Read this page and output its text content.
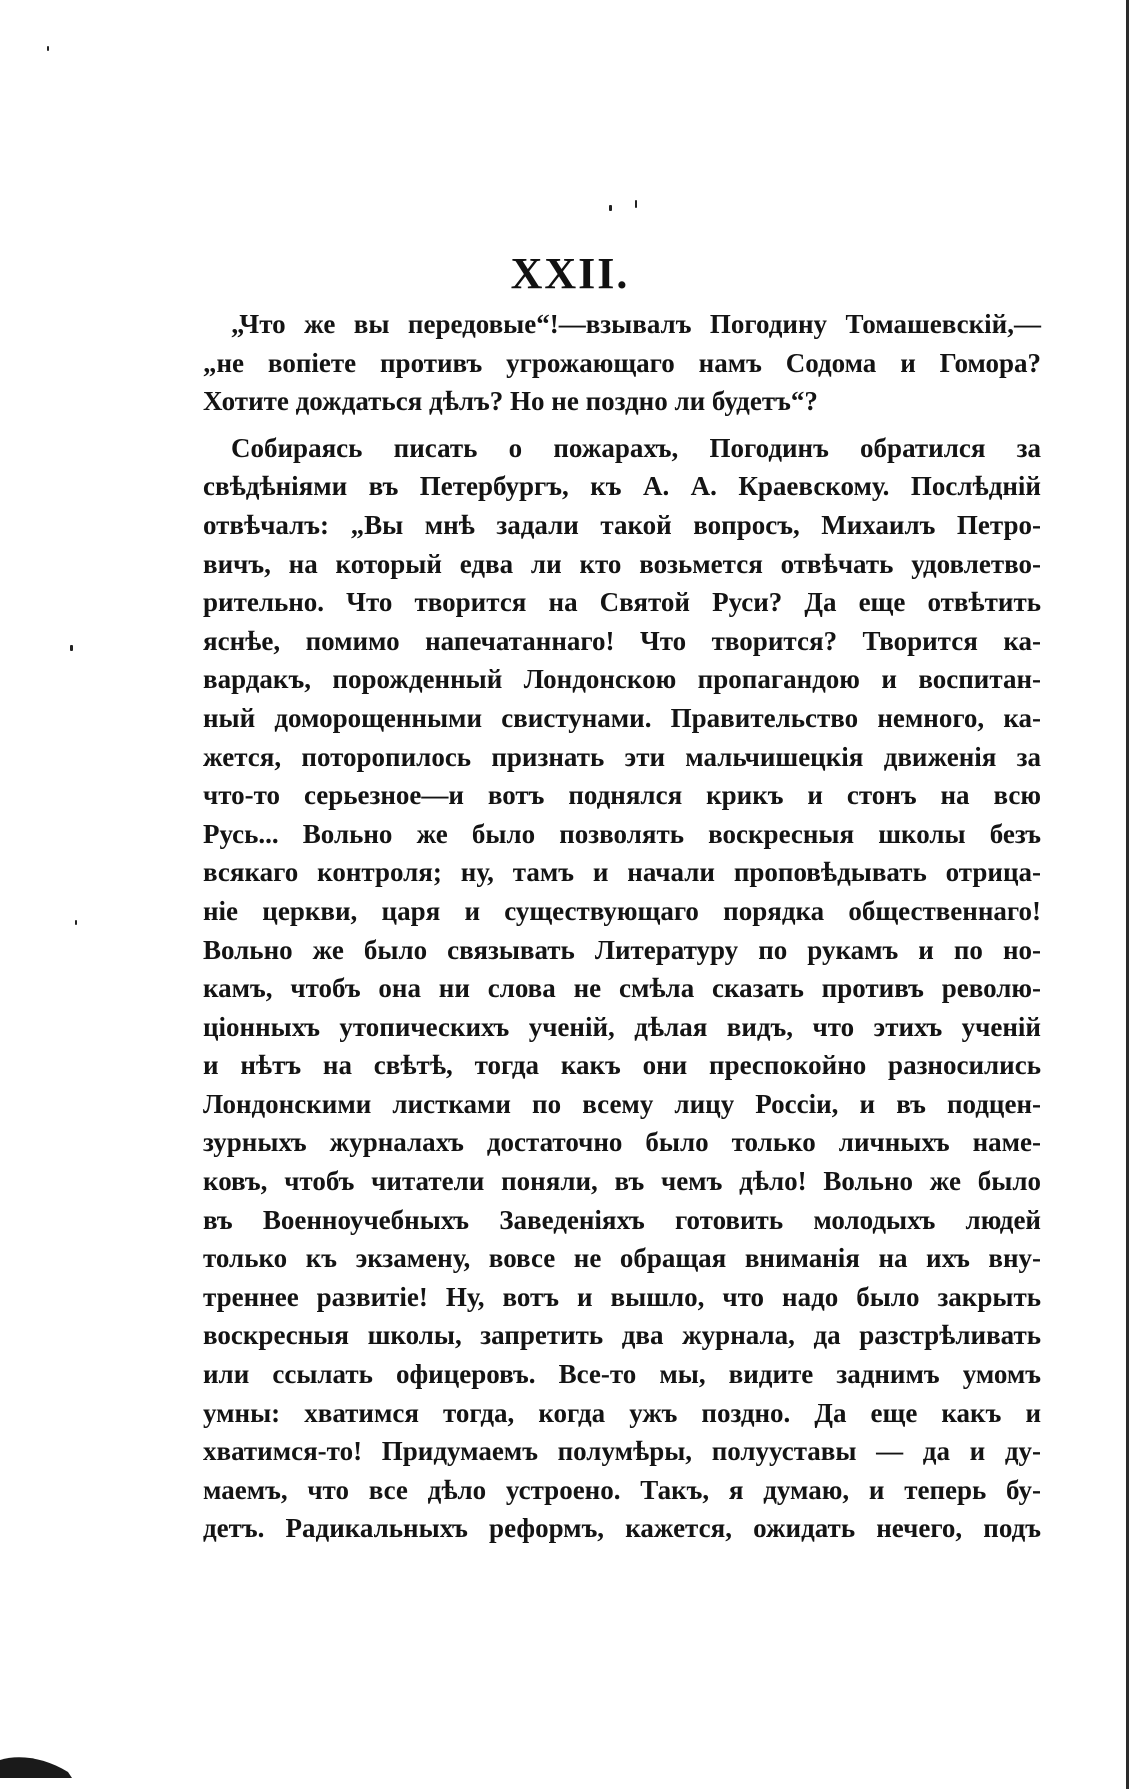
XXII.
„Что же вы передовые“!—взывалъ Погодину Томашевскій,—
„не вопіете противъ угрожающаго намъ Содома и Гомора?
Хотите дождаться дѣлъ? Но не поздно ли будетъ“?
Собираясь писать о пожарахъ, Погодинъ обратился за
свѣдѣніями въ Петербургъ, къ А. А. Краевскому. Послѣдній
отвѣчалъ: „Вы мнѣ задали такой вопросъ, Михаилъ Петро-
вичъ, на который едва ли кто возьмется отвѣчать удовлетво-
рительно. Что творится на Святой Руси? Да еще отвѣтить
яснѣе, помимо напечатаннаго! Что творится? Творится ка-
вардакъ, порожденный Лондонскою пропагандою и воспитан-
ный доморощенными свистунами. Правительство немного, ка-
жется, поторопилось признать эти мальчишецкія движенія за
что-то серьезное—и вотъ поднялся крикъ и стонъ на всю
Русь... Вольно же было позволять воскресныя школы безъ
всякаго контроля; ну, тамъ и начали проповѣдывать отрица-
ніе церкви, царя и существующаго порядка общественнаго!
Вольно же было связывать Литературу по рукамъ и по но-
камъ, чтобъ она ни слова не смѣла сказать противъ револю-
ціонныхъ утопическихъ ученій, дѣлая видъ, что этихъ ученій
и нѣтъ на свѣтѣ, тогда какъ они преспокойно разносились
Лондонскими листками по всему лицу Россіи, и въ подцен-
зурныхъ журналахъ достаточно было только личныхъ наме-
ковъ, чтобъ читатели поняли, въ чемъ дѣло! Вольно же было
въ Военноучебныхъ Заведеніяхъ готовить молодыхъ людей
только къ экзамену, вовсе не обращая вниманія на ихъ вну-
треннее развитіе! Ну, вотъ и вышло, что надо было закрыть
воскресныя школы, запретить два журнала, да разстрѣливать
или ссылать офицеровъ. Все-то мы, видите заднимъ умомъ
умны: хватимся тогда, когда ужъ поздно. Да еще какъ и
хватимся-то! Придумаемъ полумѣры, полууставы — да и ду-
маемъ, что все дѣло устроено. Такъ, я думаю, и теперь бу-
детъ. Радикальныхъ реформъ, кажется, ожидать нечего, подъ
